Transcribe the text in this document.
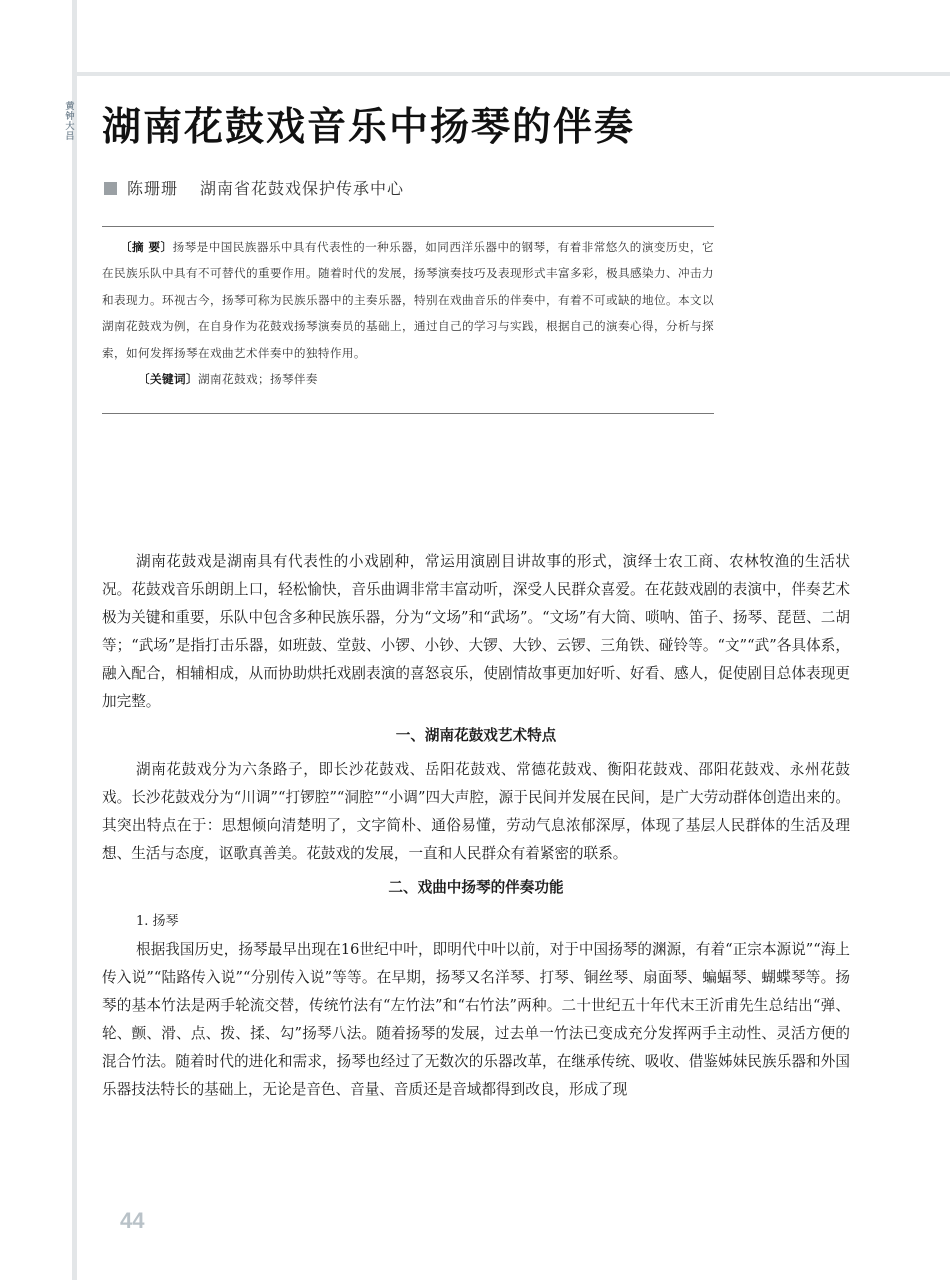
黄钟大吕 湖南花鼓戏音乐中扬琴的伴奏
陈珊珊 湖南省花鼓戏保护传承中心

〔摘 要〕扬琴是中国民族器乐中具有代表性的一种乐器，如同西洋乐器中的钢琴，有着非常悠久的演变历史，它在民族乐队中具有不可替代的重要作用。随着时代的发展，扬琴演奏技巧及表现形式丰富多彩，极具感染力、冲击力和表现力。环视古今，扬琴可称为民族乐器中的主奏乐器，特别在戏曲音乐的伴奏中，有着不可或缺的地位。本文以湖南花鼓戏为例，在自身作为花鼓戏扬琴演奏员的基础上，通过自己的学习与实践，根据自己的演奏心得，分析与探索，如何发挥扬琴在戏曲艺术伴奏中的独特作用。

〔关键词〕湖南花鼓戏；扬琴伴奏

湖南花鼓戏是湖南具有代表性的小戏剧种，常运用演剧目讲故事的形式，演绎士农工商、农林牧渔的生活状况。花鼓戏音乐朗朗上口，轻松愉快，音乐曲调非常丰富动听，深受人民群众喜爱。在花鼓戏剧的表演中，伴奏艺术极为关键和重要，乐队中包含多种民族乐器，分为“文场”和“武场”。“文场”有大筒、唢呐、笛子、扬琴、琵琶、二胡等；“武场”是指打击乐器，如班鼓、堂鼓、小锣、小钞、大锣、大钞、云锣、三角铁、碰铃等。“文”“武”各具体系，融入配合，相辅相成，从而协助烘托戏剧表演的喜怒哀乐，使剧情故事更加好听、好看、感人，促使剧目总体表现更加完整。

一、湖南花鼓戏艺术特点

湖南花鼓戏分为六条路子，即长沙花鼓戏、岳阳花鼓戏、常德花鼓戏、衡阳花鼓戏、邵阳花鼓戏、永州花鼓戏。长沙花鼓戏分为“川调”“打锣腔”“洞腔”“小调”四大声腔，源于民间并发展在民间，是广大劳动群体创造出来的。其突出特点在于：思想倾向清楚明了，文字简朴、通俗易懂，劳动气息浓郁深厚，体现了基层人民群体的生活及理想、生活与态度，讴歌真善美。花鼓戏的发展，一直和人民群众有着紧密的联系。

二、戏曲中扬琴的伴奏功能

1. 扬琴

根据我国历史，扬琴最早出现在16世纪中叶，即明代中叶以前，对于中国扬琴的渊源，有着“正宗本源说”“海上传入说”“陆路传入说”“分别传入说”等等。在早期，扬琴又名洋琴、打琴、铜丝琴、扇面琴、蝙蝠琴、蝴蝶琴等。扬琴的基本竹法是两手轮流交替，传统竹法有“左竹法”和“右竹法”两种。二十世纪五十年代末王沂甫先生总结出“弹、轮、颤、滑、点、拨、揉、勾”扬琴八法。随着扬琴的发展，过去单一竹法已变成充分发挥两手主动性、灵活方便的混合竹法。随着时代的进化和需求，扬琴也经过了无数次的乐器改革，在继承传统、吸收、借鉴姊妹民族乐器和外国乐器技法特长的基础上，无论是音色、音量、音质还是音域都得到改良，形成了现

44
